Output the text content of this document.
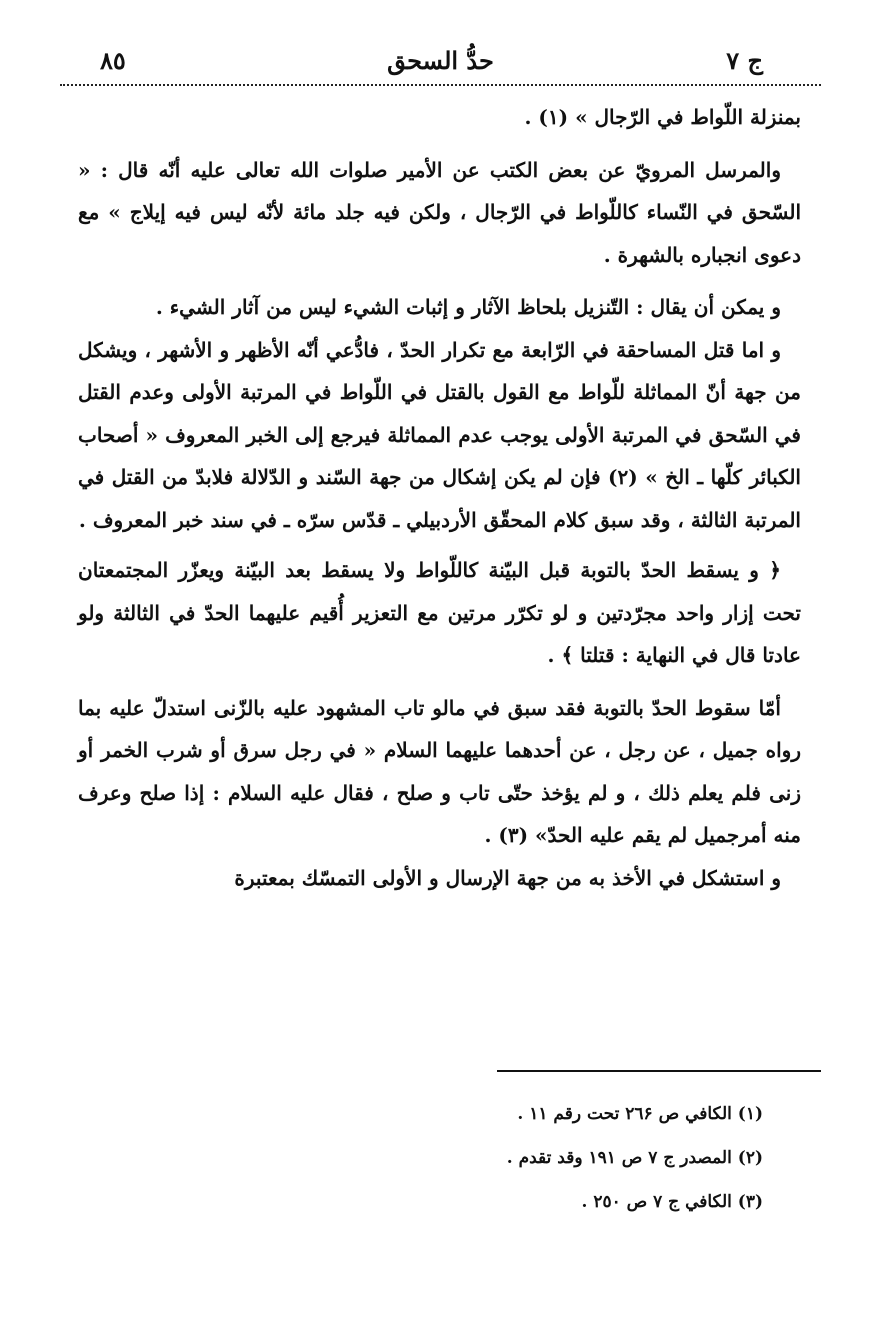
ج ٧
حدُّ السحق
٨٥

بمنزلة اللّواط في الرّجال » (١) .

والمرسل المرويّ عن بعض الكتب عن الأمير صلوات الله تعالى عليه أنّه قال : « السّحق في النّساء كاللّواط في الرّجال ، ولكن فيه جلد مائة لأنّه ليس فيه إيلاج » مع دعوى انجباره بالشهرة .

و يمكن أن يقال : التّنزيل بلحاظ الآثار و إثبات الشيء ليس من آثار الشيء .

و اما قتل المساحقة في الرّابعة مع تكرار الحدّ ، فادُّعي أنّه الأظهر و الأشهر ، ويشكل من جهة أنّ المماثلة للّواط مع القول بالقتل في اللّواط في المرتبة الأولى وعدم القتل في السّحق في المرتبة الأولى يوجب عدم المماثلة فيرجع إلى الخبر المعروف « أصحاب الكبائر كلّها ـ الخ » (٢) فإن لم يكن إشكال من جهة السّند و الدّلالة فلابدّ من القتل في المرتبة الثالثة ، وقد سبق كلام المحقّق الأردبيلي ـ قدّس سرّه ـ في سند خبر المعروف .

﴿ و يسقط الحدّ بالتوبة قبل البيّنة كاللّواط ولا يسقط بعد البيّنة ويعزّر المجتمعتان تحت إزار واحد مجرّدتين و لو تكرّر مرتين مع التعزير أُقيم عليهما الحدّ في الثالثة ولو عادتا قال في النهاية : قتلتا ﴾ .

أمّا سقوط الحدّ بالتوبة فقد سبق في مالو تاب المشهود عليه بالزّنى استدلّ عليه بما رواه جميل ، عن رجل ، عن أحدهما عليهما السلام « في رجل سرق أو شرب الخمر أو زنى فلم يعلم ذلك ، و لم يؤخذ حتّى تاب و صلح ، فقال عليه السلام : إذا صلح وعرف منه أمرجميل لم يقم عليه الحدّ» (٣) .

و استشكل في الأخذ به من جهة الإرسال و الأولى التمسّك بمعتبرة

(١) الكافي ص ٢٦۶ تحت رقم ١١ .
(٢) المصدر ج ٧ ص ١٩١ وقد تقدم .
(٣) الكافي ج ٧ ص ٢٥٠ .
